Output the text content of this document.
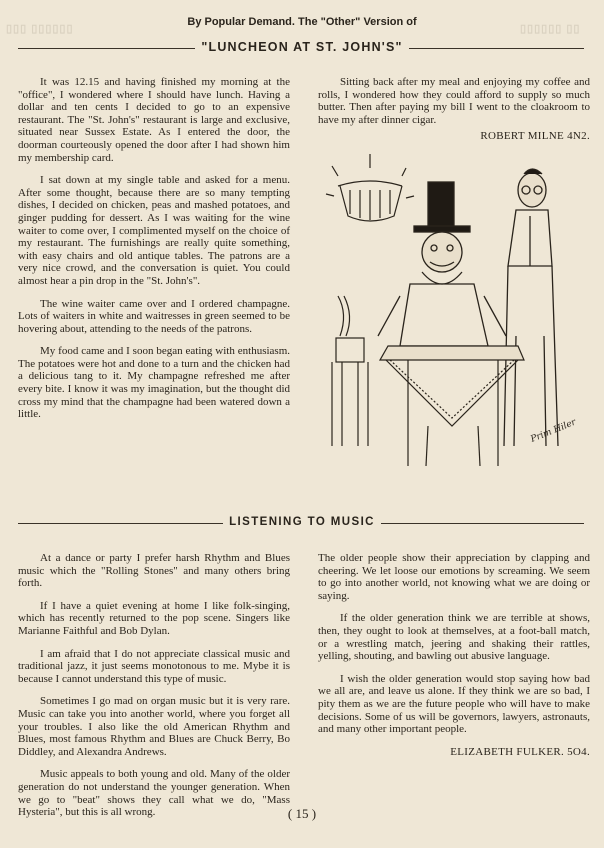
▯▯▯ ▯▯▯▯▯▯	▯▯▯▯▯▯ ▯▯
By Popular Demand. The "Other" Version of
"LUNCHEON AT ST. JOHN'S"

It was 12.15 and having finished my morning at the "office", I wondered where I should have lunch. Having a dollar and ten cents I decided to go to an expensive restaurant. The "St. John's" restaurant is large and exclusive, situated near Sussex Estate. As I entered the door, the doorman courteously opened the door after I had shown him my membership card.

I sat down at my single table and asked for a menu. After some thought, because there are so many tempting dishes, I decided on chicken, peas and mashed potatoes, and ginger pudding for dessert. As I was waiting for the wine waiter to come over, I complimented myself on the choice of my restaurant. The furnishings are really quite something, with easy chairs and old antique tables. The patrons are a very nice crowd, and the conversation is quiet. You could almost hear a pin drop in the "St. John's".

The wine waiter came over and I ordered champagne. Lots of waiters in white and waitresses in green seemed to be hovering about, attending to the needs of the patrons.

My food came and I soon began eating with enthusiasm. The potatoes were hot and done to a turn and the chicken had a delicious tang to it. My champagne refreshed me after every bite. I know it was my imagination, but the thought did cross my mind that the champagne had been watered down a little.

Sitting back after my meal and enjoying my coffee and rolls, I wondered how they could afford to supply so much butter. Then after paying my bill I went to the cloakroom to have my after dinner cigar.

ROBERT MILNE 4N2.
Prim Hiler
LISTENING TO MUSIC

At a dance or party I prefer harsh Rhythm and Blues music which the "Rolling Stones" and many others bring forth.

If I have a quiet evening at home I like folk-singing, which has recently returned to the pop scene. Singers like Marianne Faithful and Bob Dylan.

I am afraid that I do not appreciate classical music and traditional jazz, it just seems monotonous to me. Mybe it is because I cannot understand this type of music.

Sometimes I go mad on organ music but it is very rare. Music can take you into another world, where you forget all your troubles. I also like the old American Rhythm and Blues, most famous Rhythm and Blues are Chuck Berry, Bo Diddley, and Alexandra Andrews.

Music appeals to both young and old. Many of the older generation do not understand the younger generation. When we go to "beat" shows they call what we do, "Mass Hysteria", but this is all wrong.

The older people show their appreciation by clapping and cheering. We let loose our emotions by screaming. We seem to go into another world, not knowing what we are doing or saying.

If the older generation think we are terrible at shows, then, they ought to look at themselves, at a foot-ball match, or a wrestling match, jeering and shaking their rattles, yelling, shouting, and bawling out abusive language.

I wish the older generation would stop saying how bad we all are, and leave us alone. If they think we are so bad, I pity them as we are the future people who will have to make decisions. Some of us will be governors, lawyers, astronauts, and many other important people.

ELIZABETH FULKER. 5O4.
( 15 )
